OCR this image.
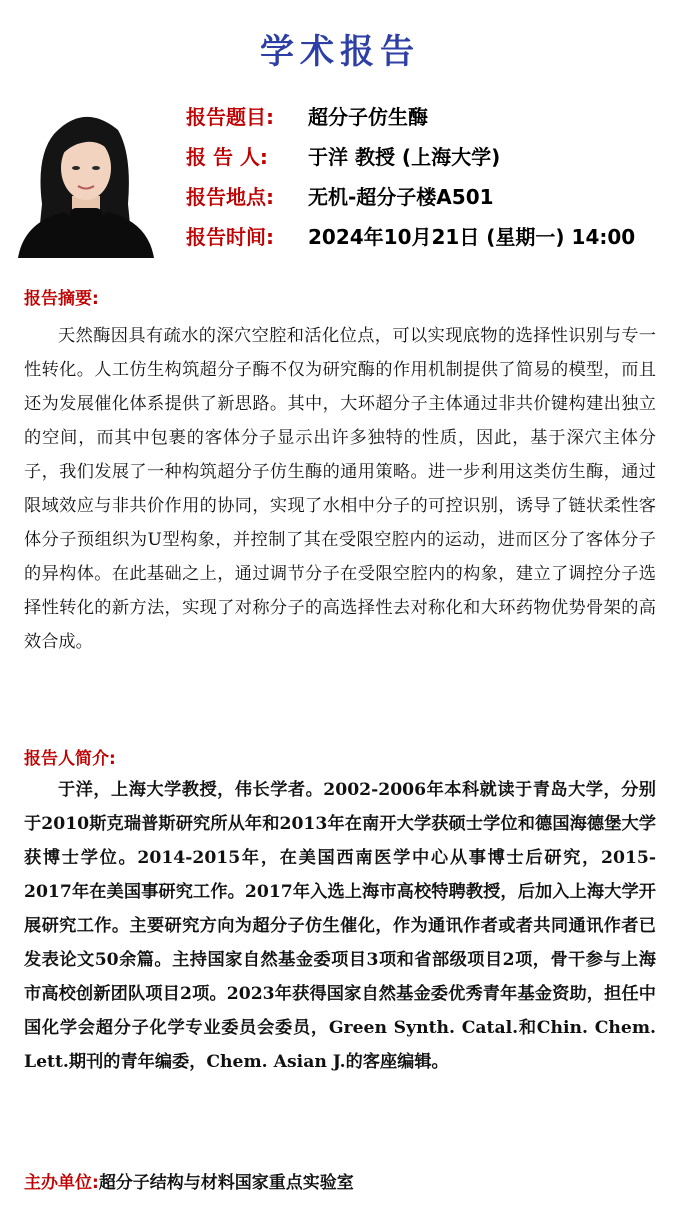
学术报告
报告题目: 超分子仿生酶
报 告 人: 于洋 教授 (上海大学)
报告地点: 无机-超分子楼A501
报告时间: 2024年10月21日 (星期一) 14:00
报告摘要:
天然酶因具有疏水的深穴空腔和活化位点，可以实现底物的选择性识别与专一性转化。人工仿生构筑超分子酶不仅为研究酶的作用机制提供了简易的模型，而且还为发展催化体系提供了新思路。其中，大环超分子主体通过非共价键构建出独立的空间，而其中包裹的客体分子显示出许多独特的性质，因此，基于深穴主体分子，我们发展了一种构筑超分子仿生酶的通用策略。进一步利用这类仿生酶，通过限域效应与非共价作用的协同，实现了水相中分子的可控识别，诱导了链状柔性客体分子预组织为U型构象，并控制了其在受限空腔内的运动，进而区分了客体分子的异构体。在此基础之上，通过调节分子在受限空腔内的构象，建立了调控分子选择性转化的新方法，实现了对称分子的高选择性去对称化和大环药物优势骨架的高效合成。
报告人简介:
于洋，上海大学教授，伟长学者。2002-2006年本科就读于青岛大学，分别于2010斯克瑞普斯研究所从年和2013年在南开大学获硕士学位和德国海德堡大学获博士学位。2014-2015年，在美国西南医学中心从事博士后研究，2015-2017年在美国事研究工作。2017年入选上海市高校特聘教授，后加入上海大学开展研究工作。主要研究方向为超分子仿生催化，作为通讯作者或者共同通讯作者已发表论文50余篇。主持国家自然基金委项目3项和省部级项目2项，骨干参与上海市高校创新团队项目2项。2023年获得国家自然基金委优秀青年基金资助，担任中国化学会超分子化学专业委员会委员，Green Synth. Catal.和Chin. Chem. Lett.期刊的青年编委，Chem. Asian J.的客座编辑。
主办单位:超分子结构与材料国家重点实验室
